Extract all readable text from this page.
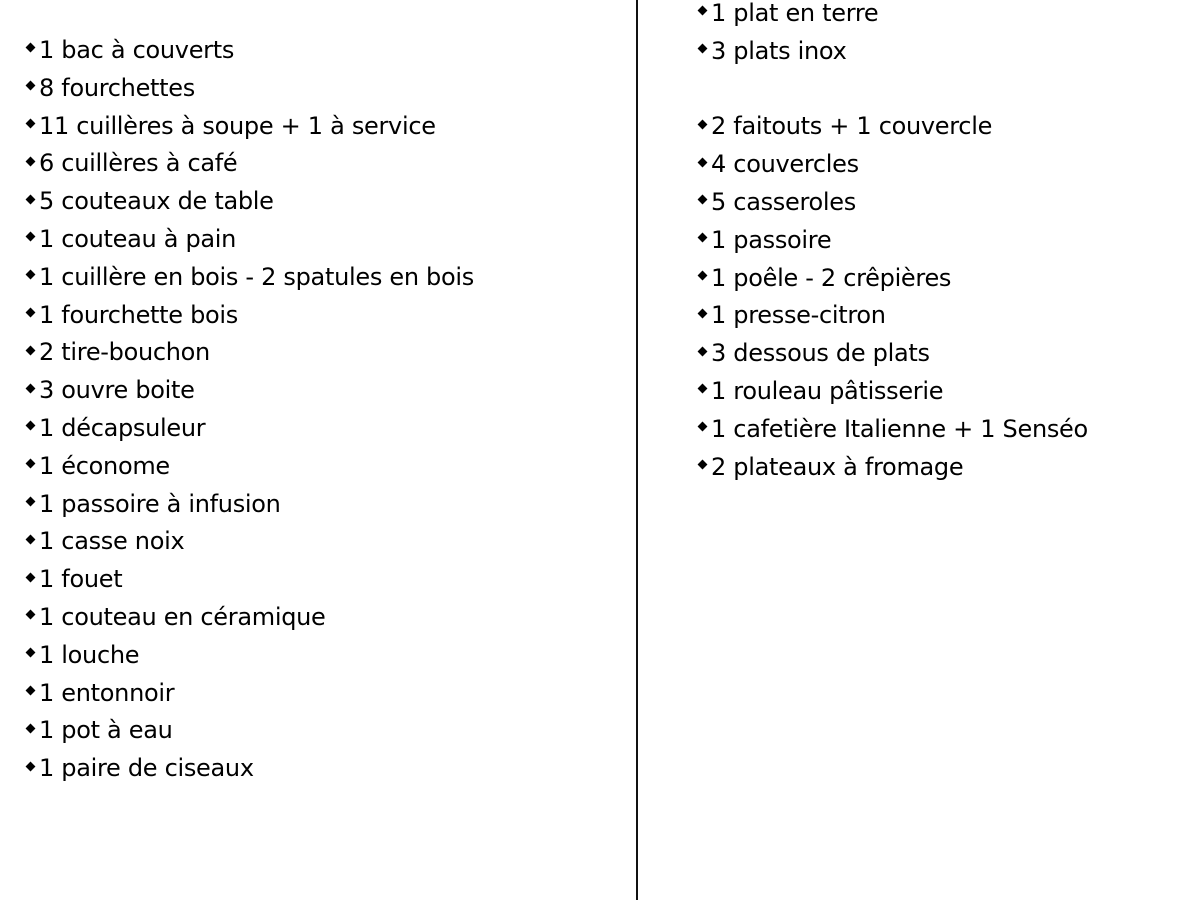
1 bac à couverts
8 fourchettes
11 cuillères à soupe + 1 à service
6 cuillères à café
5 couteaux de table
1 couteau à pain
1 cuillère en bois - 2 spatules en bois
1 fourchette bois
2 tire-bouchon
3 ouvre boite
1 décapsuleur
1 économe
1 passoire à infusion
1 casse noix
1 fouet
1 couteau en céramique
1 louche
1 entonnoir
1 pot à eau
1 paire de ciseaux
1 plat en terre
3 plats inox
2 faitouts + 1 couvercle
4 couvercles
5 casseroles
1 passoire
1 poêle - 2 crêpières
1 presse-citron
3 dessous de plats
1 rouleau pâtisserie
1 cafetière Italienne + 1 Senséo
2 plateaux à fromage
